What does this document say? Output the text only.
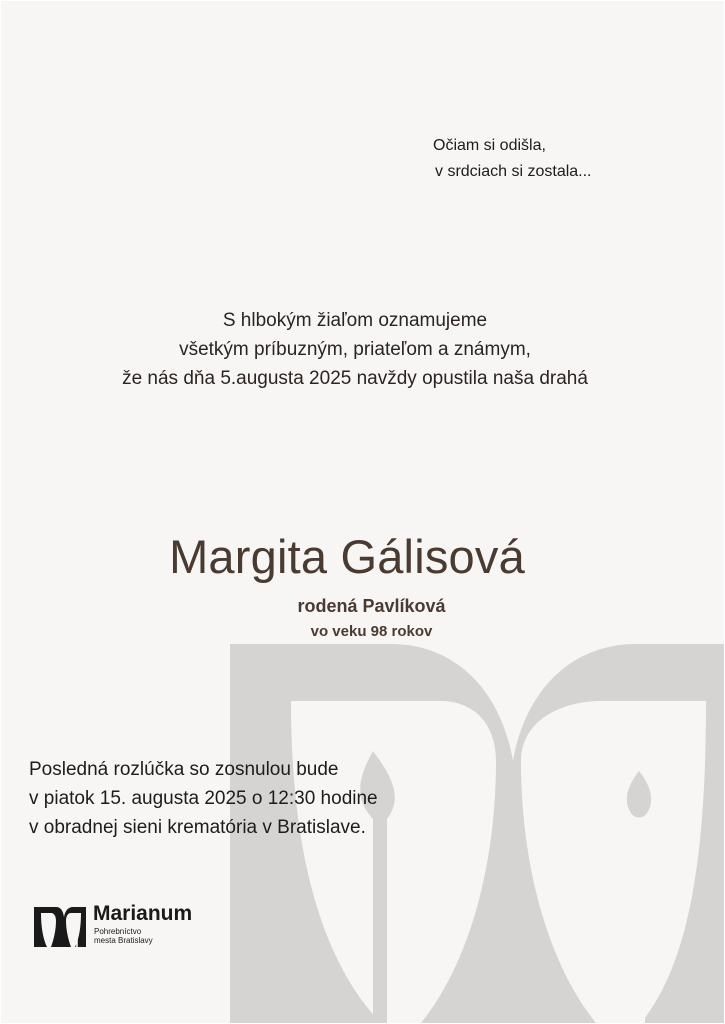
Očiam si odišla,
v srdciach si zostala...
S hlbokým žiaľom oznamujeme
všetkým príbuzným, priateľom a známym,
že nás dňa 5.augusta 2025 navždy opustila naša drahá
Margita Gálisová
rodená Pavlíková
vo veku 98 rokov
Posledná rozlúčka so zosnulou bude
v piatok 15. augusta 2025 o 12:30 hodine
v obradnej sieni krematória v Bratislave.
Marianum
Pohrebníctvo
mesta Bratislavy
